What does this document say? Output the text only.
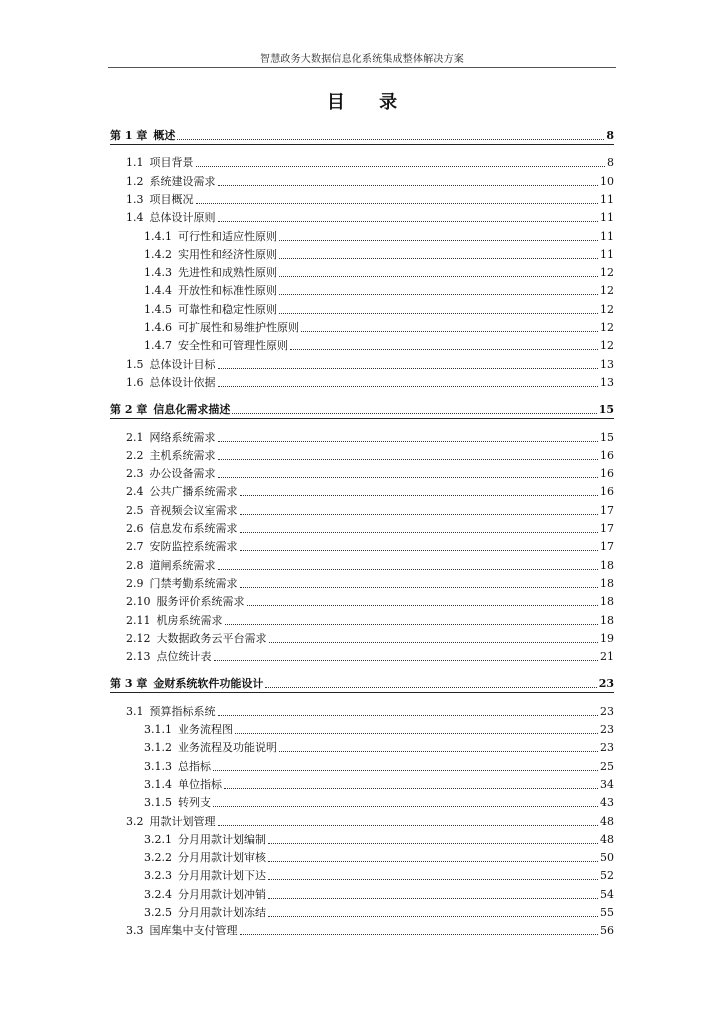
智慧政务大数据信息化系统集成整体解决方案
目 录
第 1 章 概述	8
1.1 项目背景	8
1.2 系统建设需求	10
1.3 项目概况	11
1.4 总体设计原则	11
1.4.1 可行性和适应性原则	11
1.4.2 实用性和经济性原则	11
1.4.3 先进性和成熟性原则	12
1.4.4 开放性和标准性原则	12
1.4.5 可靠性和稳定性原则	12
1.4.6 可扩展性和易维护性原则	12
1.4.7 安全性和可管理性原则	12
1.5 总体设计目标	13
1.6 总体设计依据	13
第 2 章 信息化需求描述	15
2.1 网络系统需求	15
2.2 主机系统需求	16
2.3 办公设备需求	16
2.4 公共广播系统需求	16
2.5 音视频会议室需求	17
2.6 信息发布系统需求	17
2.7 安防监控系统需求	17
2.8 道闸系统需求	18
2.9 门禁考勤系统需求	18
2.10 服务评价系统需求	18
2.11 机房系统需求	18
2.12 大数据政务云平台需求	19
2.13 点位统计表	21
第 3 章 金财系统软件功能设计	23
3.1 预算指标系统	23
3.1.1 业务流程图	23
3.1.2 业务流程及功能说明	23
3.1.3 总指标	25
3.1.4 单位指标	34
3.1.5 转列支	43
3.2 用款计划管理	48
3.2.1 分月用款计划编制	48
3.2.2 分月用款计划审核	50
3.2.3 分月用款计划下达	52
3.2.4 分月用款计划冲销	54
3.2.5 分月用款计划冻结	55
3.3 国库集中支付管理	56
